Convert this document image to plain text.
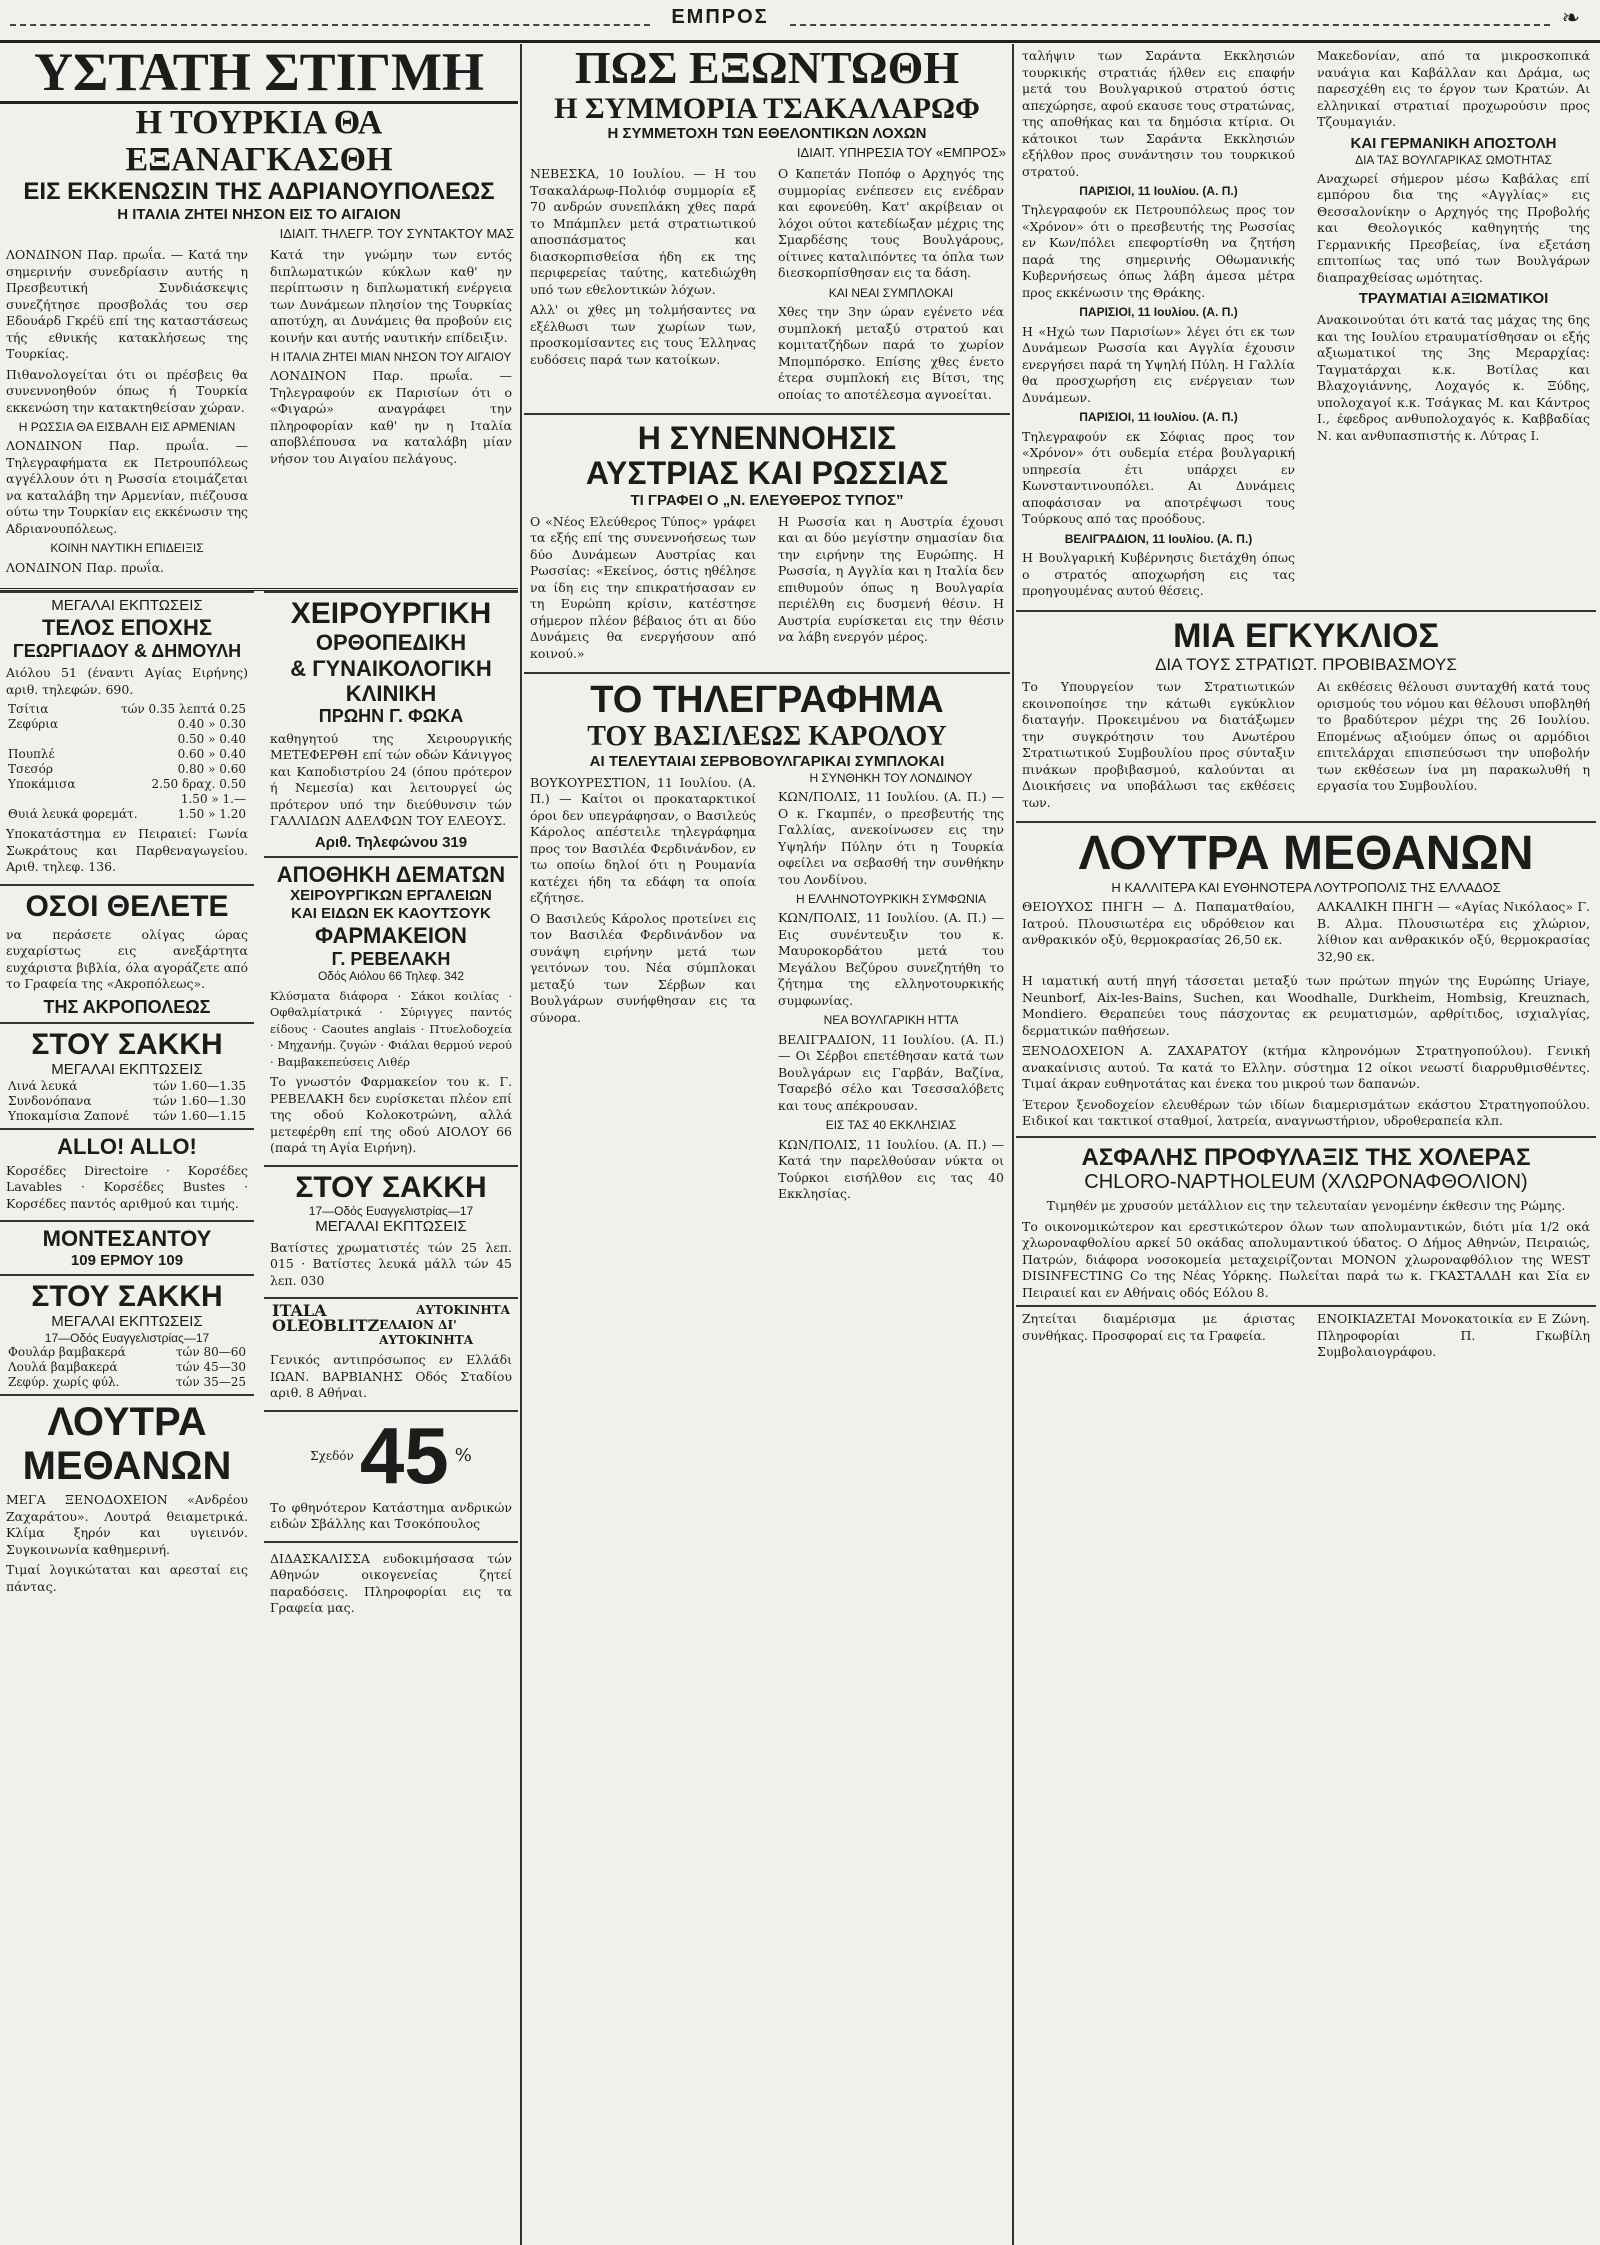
ΕΜΠΡΟΣ	❧
ΥΣΤΑΤΗ ΣΤΙΓΜΗ
Η ΤΟΥΡΚΙΑ ΘΑ ΕΞΑΝΑΓΚΑΣΘΗ
ΕΙΣ ΕΚΚΕΝΩΣΙΝ ΤΗΣ ΑΔΡΙΑΝΟΥΠΟΛΕΩΣ
Η ΙΤΑΛΙΑ ΖΗΤΕΙ ΝΗΣΟΝ ΕΙΣ ΤΟ ΑΙΓΑΙΟΝ
ΙΔΙΑΙΤ. ΤΗΛΕΓΡ. ΤΟΥ ΣΥΝΤΑΚΤΟΥ ΜΑΣ

ΛΟΝΔΙΝΟΝ Παρ. πρωΐα. — Κατά την σημερινήν συνεδρίασιν αυτής η Πρεσβευτική Συνδιάσκεψις συνεζήτησε προσβολάς του σερ Εδουάρδ Γκρέϋ επί της καταστάσεως τής εθνικής κατακλήσεως της Τουρκίας.

Πιθανολογείται ότι οι πρέσβεις θα συνεννοηθούν όπως ή Τουρκία εκκενώση την κατακτηθείσαν χώραν.

Η ΡΩΣΣΙΑ ΘΑ ΕΙΣΒΑΛΗ ΕΙΣ ΑΡΜΕΝΙΑΝ

ΛΟΝΔΙΝΟΝ Παρ. πρωΐα. — Τηλεγραφήματα εκ Πετρουπόλεως αγγέλλουν ότι η Ρωσσία ετοιμάζεται να καταλάβη την Αρμενίαν, πιέζουσα ούτω την Τουρκίαν εις εκκένωσιν της Αδριανουπόλεως.

ΚΟΙΝΗ ΝΑΥΤΙΚΗ ΕΠΙΔΕΙΞΙΣ

ΛΟΝΔΙΝΟΝ Παρ. πρωΐα.

Κατά την γνώμην των εντός διπλωματικών κύκλων καθ' ην περίπτωσιν η διπλωματική ενέργεια των Δυνάμεων πλησίον της Τουρκίας αποτύχη, αι Δυνάμεις θα προβούν εις κοινήν και αυτής ναυτικήν επίδειξιν.

Η ΙΤΑΛΙΑ ΖΗΤΕΙ ΜΙΑΝ ΝΗΣΟΝ ΤΟΥ ΑΙΓΑΙΟΥ

ΛΟΝΔΙΝΟΝ Παρ. πρωΐα. — Τηλεγραφούν εκ Παρισίων ότι ο «Φιγαρώ» αναγράφει την πληροφορίαν καθ' ην η Ιταλία αποβλέπουσα να καταλάβη μίαν νήσον του Αιγαίου πελάγους.

ΜΕΓΑΛΑΙ ΕΚΠΤΩΣΕΙΣ
ΤΕΛΟΣ ΕΠΟΧΗΣ
ΓΕΩΡΓΙΑΔΟΥ & ΔΗΜΟΥΛΗ

Αιόλου 51 (έναντι Αγίας Ειρήνης) αριθ. τηλεφών. 690.

Τσίτια	τών 0.35 λεπτά 0.25
Ζεφύρια	0.40 » 0.30
0.50 » 0.40
Πουπλέ	0.60 » 0.40
Τσεσόρ	0.80 » 0.60
Υποκάμισα	2.50 δραχ. 0.50
1.50 » 1.—
Θυιά λευκά φορεμάτ.	1.50 » 1.20

Υποκατάστημα εν Πειραιεί: Γωνία Σωκράτους και Παρθεναγωγείου. Αριθ. τηλεφ. 136.

ΟΣΟΙ ΘΕΛΕΤΕ

να περάσετε ολίγας ώρας ευχαρίστως εις ανεξάρτητα ευχάριστα βιβλία, όλα αγοράζετε από το Γραφεία της «Ακροπόλεως».

ΤΗΣ ΑΚΡΟΠΟΛΕΩΣ
ΣΤΟΥ ΣΑΚΚΗ
ΜΕΓΑΛΑΙ ΕΚΠΤΩΣΕΙΣ
Λινά λευκά	τών 1.60—1.35
Συνδονόπανα	τών 1.60—1.30
Υποκαμίσια Ζαπονέ τών 1.60—1.15
ALLO! ALLO!

Κορσέδες Directoire · Κορσέδες Lavables · Κορσέδες Bustes · Κορσέδες παντός αριθμού και τιμής.

ΜΟΝΤΕΣΑΝΤΟΥ
109 ΕΡΜΟΥ 109
ΣΤΟΥ ΣΑΚΚΗ
ΜΕΓΑΛΑΙ ΕΚΠΤΩΣΕΙΣ
17—Οδός Ευαγγελιστρίας—17
Φουλάρ βαμβακερά	τών 80—60
Λουλά βαμβακερά	τών 45—30
Ζεφύρ. χωρίς φύλ.	τών 35—25
ΛΟΥΤΡΑ
ΜΕΘΑΝΩΝ

ΜΕΓΑ ΞΕΝΟΔΟΧΕΙΟΝ «Ανδρέου Ζαχαράτου». Λουτρά θειαμετρικά. Κλίμα ξηρόν και υγιεινόν. Συγκοινωνία καθημερινή.

Τιμαί λογικώταται και αρεσταί εις πάντας.

ΧΕΙΡΟΥΡΓΙΚΗ
ΟΡΘΟΠΕΔΙΚΗ
& ΓΥΝΑΙΚΟΛΟΓΙΚΗ
ΚΛΙΝΙΚΗ
ΠΡΩΗΝ Γ. ΦΩΚΑ

καθηγητού της Χειρουργικής ΜΕΤΕΦΕΡΘΗ επί τών οδών Κάνιγγος και Καποδιστρίου 24 (όπου πρότερον ή Νεμεσία) και λειτουργεί ώς πρότερον υπό την διεύθυνσιν τών ΓΑΛΛΙΔΩΝ ΑΔΕΛΦΩΝ ΤΟΥ ΕΛΕΟΥΣ.

Αριθ. Τηλεφώνου 319
ΑΠΟΘΗΚΗ ΔΕΜΑΤΩΝ
ΧΕΙΡΟΥΡΓΙΚΩΝ ΕΡΓΑΛΕΙΩΝ
ΚΑΙ ΕΙΔΩΝ ΕΚ ΚΑΟΥΤΣΟΥΚ
ΦΑΡΜΑΚΕΙΟΝ
Γ. ΡΕΒΕΛΑΚΗ
Οδός Αιόλου 66 Τηλεφ. 342

Κλύσματα διάφορα · Σάκοι κοιλίας · Οφθαλμίατρικά · Σύριγγες παντός είδους · Caoutes anglais · Πτυελοδοχεία · Μηχανήμ. ζυγών · Φιάλαι θερμού νερού · Βαμβακεπεύσεις Λιθέρ

Το γνωστόν Φαρμακείον του κ. Γ. ΡΕΒΕΛΑΚΗ δεν ευρίσκεται πλέον επί της οδού Κολοκοτρώνη, αλλά μετεφέρθη επί της οδού ΑΙΟΛΟΥ 66 (παρά τη Αγία Ειρήνη).

ΣΤΟΥ ΣΑΚΚΗ
17—Οδός Ευαγγελιστρίας—17
ΜΕΓΑΛΑΙ ΕΚΠΤΩΣΕΙΣ

Βατίστες χρωματιστές τών 25 λεπ. 015 · Βατίστες λευκά μάλλ τών 45 λεπ. 030

ITALA	ΑΥΤΟΚΙΝΗΤΑ
OLEOBLITZ ΕΛΑΙΟΝ ΔΙ' ΑΥΤΟΚΙΝΗΤΑ

Γενικός αντιπρόσωπος εν Ελλάδι ΙΩΑΝ. ΒΑΡΒΙΑΝΗΣ Οδός Σταδίου αριθ. 8 Αθήναι.

Σχεδόν 45 %

Το φθηνότερον Κατάστημα ανδρικών ειδών Σβάλλης και Τσοκόπουλος

ΔΙΔΑΣΚΑΛΙΣΣΑ ευδοκιμήσασα τών Αθηνών οικογενείας ζητεί παραδόσεις. Πληροφορίαι εις τα Γραφεία μας.

ΠΩΣ ΕΞΩΝΤΩΘΗ
Η ΣΥΜΜΟΡΙΑ ΤΣΑΚΑΛΑΡΩΦ
Η ΣΥΜΜΕΤΟΧΗ ΤΩΝ ΕΘΕΛΟΝΤΙΚΩΝ ΛΟΧΩΝ
ΙΔΙΑΙΤ. ΥΠΗΡΕΣΙΑ ΤΟΥ «ΕΜΠΡΟΣ»

ΝΕΒΕΣΚΑ, 10 Ιουλίου. — Η του Τσακαλάρωφ-Πολιόφ συμμορία εξ 70 ανδρών συνεπλάκη χθες παρά το Μπάμπλεν μετά στρατιωτικού αποσπάσματος και διασκορπισθείσα ήδη εκ της περιφερείας ταύτης, κατεδιώχθη υπό των εθελοντικών λόχων.

Αλλ' οι χθες μη τολμήσαντες να εξέλθωσι των χωρίων των, προσκομίσαντες εις τους Έλληνας ευδόσεις παρά των κατοίκων.

Ο Καπετάν Ποπόφ ο Αρχηγός της συμμορίας ενέπεσεν εις ενέδραν και εφονεύθη. Κατ' ακρίβειαν οι λόχοι ούτοι κατεδίωξαν μέχρις της Σμαρδέσης τους Βουλγάρους, οίτινες καταλιπόντες τα όπλα των διεσκορπίσθησαν εις τα δάση.

ΚΑΙ ΝΕΑΙ ΣΥΜΠΛΟΚΑΙ

Χθες την 3ην ώραν εγένετο νέα συμπλοκή μεταξύ στρατού και κομιτατζήδων παρά το χωρίον Μπομπόρσκο. Επίσης χθες ένετο έτερα συμπλοκή εις Βίτσι, της οποίας το αποτέλεσμα αγνοείται.

Η ΣΥΝΕΝΝΟΗΣΙΣ
ΑΥΣΤΡΙΑΣ ΚΑΙ ΡΩΣΣΙΑΣ
ΤΙ ΓΡΑΦΕΙ Ο „Ν. ΕΛΕΥΘΕΡΟΣ ΤΥΠΟΣ”

Ο «Νέος Ελεύθερος Τύπος» γράφει τα εξής επί της συνεννοήσεως των δύο Δυνάμεων Αυστρίας και Ρωσσίας: «Εκείνος, όστις ηθέλησε να ίδη εις την επικρατήσασαν εν τη Ευρώπη κρίσιν, κατέστησε σήμερον πλέον βέβαιος ότι αι δύο Δυνάμεις θα ενεργήσουν από κοινού.»

Η Ρωσσία και η Αυστρία έχουσι και αι δύο μεγίστην σημασίαν δια την ειρήνην της Ευρώπης. Η Ρωσσία, η Αγγλία και η Ιταλία δεν επιθυμούν όπως η Βουλγαρία περιέλθη εις δυσμενή θέσιν. Η Αυστρία ευρίσκεται εις την θέσιν να λάβη ενεργόν μέρος.

ΤΟ ΤΗΛΕΓΡΑΦΗΜΑ
ΤΟΥ ΒΑΣΙΛΕΩΣ ΚΑΡΟΛΟΥ
ΑΙ ΤΕΛΕΥΤΑΙΑΙ ΣΕΡΒΟΒΟΥΛΓΑΡΙΚΑΙ ΣΥΜΠΛΟΚΑΙ

ΒΟΥΚΟΥΡΕΣΤΙΟΝ, 11 Ιουλίου. (Α. Π.) — Καίτοι οι προκαταρκτικοί όροι δεν υπεγράφησαν, ο Βασιλεύς Κάρολος απέστειλε τηλεγράφημα προς τον Βασιλέα Φερδινάνδον, εν τω οποίω δηλοί ότι η Ρουμανία κατέχει ήδη τα εδάφη τα οποία εζήτησε.

Ο Βασιλεύς Κάρολος προτείνει εις τον Βασιλέα Φερδινάνδον να συνάψη ειρήνην μετά των γειτόνων του. Νέα σύμπλοκαι μεταξύ των Σέρβων και Βουλγάρων συνήφθησαν εις τα σύνορα.

Η ΣΥΝΘΗΚΗ ΤΟΥ ΛΟΝΔΙΝΟΥ

ΚΩΝ/ΠΟΛΙΣ, 11 Ιουλίου. (Α. Π.) — Ο κ. Γκαμπέν, ο πρεσβευτής της Γαλλίας, ανεκοίνωσεν εις την Υψηλήν Πύλην ότι η Τουρκία οφείλει να σεβασθή την συνθήκην του Λονδίνου.

Η ΕΛΛΗΝΟΤΟΥΡΚΙΚΗ ΣΥΜΦΩΝΙΑ

ΚΩΝ/ΠΟΛΙΣ, 11 Ιουλίου. (Α. Π.) — Εις συνέντευξιν του κ. Μαυροκορδάτου μετά του Μεγάλου Βεζύρου συνεζητήθη το ζήτημα της ελληνοτουρκικής συμφωνίας.

ΝΕΑ ΒΟΥΛΓΑΡΙΚΗ ΗΤΤΑ

ΒΕΛΙΓΡΑΔΙΟΝ, 11 Ιουλίου. (Α. Π.) — Οι Σέρβοι επετέθησαν κατά των Βουλγάρων εις Γαρβάν, Βαζίνα, Τσαρεβό σέλο και Τσεσσαλόβετς και τους απέκρουσαν.

ΕΙΣ ΤΑΣ 40 ΕΚΚΛΗΣΙΑΣ

ΚΩΝ/ΠΟΛΙΣ, 11 Ιουλίου. (Α. Π.) — Κατά την παρελθούσαν νύκτα οι Τούρκοι εισήλθον εις τας 40 Εκκλησίας.

ταλήψιν των Σαράντα Εκκλησιών τουρκικής στρατιάς ήλθεν εις επαφήν μετά του Βουλγαρικού στρατού όστις απεχώρησε, αφού εκαυσε τους στρατώνας, της αποθήκας και τα δημόσια κτίρια. Οι κάτοικοι των Σαράντα Εκκλησιών εξήλθον προς συνάντησιν του τουρκικού στρατού.

ΠΑΡΙΣΙΟΙ, 11 Ιουλίου. (Α. Π.)

Τηλεγραφούν εκ Πετρουπόλεως προς τον «Χρόνον» ότι ο πρεσβευτής της Ρωσσίας εν Κων/πόλει επεφορτίσθη να ζητήση παρά της σημερινής Οθωμανικής Κυβερνήσεως όπως λάβη άμεσα μέτρα προς εκκένωσιν της Θράκης.

ΠΑΡΙΣΙΟΙ, 11 Ιουλίου. (Α. Π.)

Η «Ηχώ των Παρισίων» λέγει ότι εκ των Δυνάμεων Ρωσσία και Αγγλία έχουσιν ενεργήσει παρά τη Υψηλή Πύλη. Η Γαλλία θα προσχωρήση εις ενέργειαν των Δυνάμεων.

ΠΑΡΙΣΙΟΙ, 11 Ιουλίου. (Α. Π.)

Τηλεγραφούν εκ Σόφιας προς τον «Χρόνον» ότι ουδεμία ετέρα βουλγαρική υπηρεσία έτι υπάρχει εν Κωνσταντινουπόλει. Αι Δυνάμεις αποφάσισαν να αποτρέψωσι τους Τούρκους από τας προόδους.

ΒΕΛΙΓΡΑΔΙΟΝ, 11 Ιουλίου. (Α. Π.)

Η Βουλγαρική Κυβέρνησις διετάχθη όπως ο στρατός αποχωρήση εις τας προηγουμένας αυτού θέσεις.

Μακεδονίαν, από τα μικροσκοπικά ναυάγια και Καβάλλαν και Δράμα, ως παρεσχέθη εις το έργον των Κρατών. Αι ελληνικαί στρατιαί προχωρούσιν προς Τζουμαγιάν.

ΚΑΙ ΓΕΡΜΑΝΙΚΗ ΑΠΟΣΤΟΛΗ
ΔΙΑ ΤΑΣ ΒΟΥΛΓΑΡΙΚΑΣ ΩΜΟΤΗΤΑΣ

Αναχωρεί σήμερον μέσω Καβάλας επί εμπόρου δια της «Αγγλίας» εις Θεσσαλονίκην ο Αρχηγός της Προβολής και Θεολογικός καθηγητής της Γερμανικής Πρεσβείας, ίνα εξετάση επιτοπίως τας υπό των Βουλγάρων διαπραχθείσας ωμότητας.

ΤΡΑΥΜΑΤΙΑΙ ΑΞΙΩΜΑΤΙΚΟΙ

Ανακοινούται ότι κατά τας μάχας της 6ης και της Ιουλίου ετραυματίσθησαν οι εξής αξιωματικοί της 3ης Μεραρχίας: Ταγματάρχαι κ.κ. Βοτίλας και Βλαχογιάννης, Λοχαγός κ. Ξύδης, υπολοχαγοί κ.κ. Τσάγκας Μ. και Κάντρος Ι., έφεδρος ανθυπολοχαγός κ. Καββαδίας Ν. και ανθυπασπιστής κ. Λύτρας Ι.

ΜΙΑ ΕΓΚΥΚΛΙΟΣ
ΔΙΑ ΤΟΥΣ ΣΤΡΑΤΙΩΤ. ΠΡΟΒΙΒΑΣΜΟΥΣ

Το Υπουργείον των Στρατιωτικών εκοινοποίησε την κάτωθι εγκύκλιον διαταγήν. Προκειμένου να διατάξωμεν την συγκρότησιν του Ανωτέρου Στρατιωτικού Συμβουλίου προς σύνταξιν πινάκων προβιβασμού, καλούνται αι Διοικήσεις να υποβάλωσι τας εκθέσεις των.

Αι εκθέσεις θέλουσι συνταχθή κατά τους ορισμούς του νόμου και θέλουσι υποβληθή το βραδύτερον μέχρι της 26 Ιουλίου. Επομένως αξιούμεν όπως οι αρμόδιοι επιτελάρχαι επισπεύσωσι την υποβολήν των εκθέσεων ίνα μη παρακωλυθή η εργασία του Συμβουλίου.

ΛΟΥΤΡΑ ΜΕΘΑΝΩΝ
Η ΚΑΛΛΙΤΕΡΑ ΚΑΙ ΕΥΘΗΝΟΤΕΡΑ ΛΟΥΤΡΟΠΟΛΙΣ ΤΗΣ ΕΛΛΑΔΟΣ

ΘΕΙΟΥΧΟΣ ΠΗΓΗ — Δ. Παπαματθαίου, Ιατρού. Πλουσιωτέρα εις υδρόθειον και ανθρακικόν οξύ, θερμοκρασίας 26,50 εκ.

ΑΛΚΑΛΙΚΗ ΠΗΓΗ — «Αγίας Νικόλαος» Γ. Β. Αλμα. Πλουσιωτέρα εις χλώριον, λίθιον και ανθρακικόν οξύ, θερμοκρασίας 32,90 εκ.

Η ιαματική αυτή πηγή τάσσεται μεταξύ των πρώτων πηγών της Ευρώπης Uriaye, Neunborf, Aix-les-Bains, Suchen, και Woodhalle, Durkheim, Hombsig, Kreuznach, Mondiero. Θεραπεύει τους πάσχοντας εκ ρευματισμών, αρθρίτιδος, ισχιαλγίας, δερματικών παθήσεων.

ΞΕΝΟΔΟΧΕΙΟΝ Α. ΖΑΧΑΡΑΤΟΥ (κτήμα κληρονόμων Στρατηγοπούλου). Γενική ανακαίνισις αυτού. Τα κατά το Ελλην. σύστημα 12 οίκοι νεωστί διαρρυθμισθέντες. Τιμαί άκραν ευθηνοτάτας και ένεκα του μικρού των δαπανών.

Έτερον ξενοδοχείον ελευθέρων τών ιδίων διαμερισμάτων εκάστου Στρατηγοπούλου. Ειδικοί και τακτικοί σταθμοί, λατρεία, αναγνωστήριον, υδροθεραπεία κλπ.

ΑΣΦΑΛΗΣ ΠΡΟΦΥΛΑΞΙΣ ΤΗΣ ΧΟΛΕΡΑΣ
CHLORO-NAPTHOLEUM (ΧΛΩΡΟΝΑΦΘΟΛΙΟΝ)

Τιμηθέν με χρυσούν μετάλλιον εις την τελευταίαν γενομένην έκθεσιν της Ρώμης.

Το οικονομικώτερον και ερεστικώτερον όλων των απολυμαντικών, διότι μία 1/2 οκά χλωροναφθολίου αρκεί 50 οκάδας απολυμαντικού ύδατος. Ο Δήμος Αθηνών, Πειραιώς, Πατρών, διάφορα νοσοκομεία μεταχειρίζονται ΜΟΝΟΝ χλωροναφθόλιον της WEST DISINFECTING Co της Νέας Υόρκης. Πωλείται παρά τω κ. ΓΚΑΣΤΑΛΔΗ και Σία εν Πειραιεί και εν Αθήναις οδός Εόλου 8.

Ζητείται διαμέρισμα με άριστας συνθήκας. Προσφοραί εις τα Γραφεία.

ΕΝΟΙΚΙΑΖΕΤΑΙ Μονοκατοικία εν Ε Ζώνη. Πληροφορίαι Π. Γκωβίλη Συμβολαιογράφου.
